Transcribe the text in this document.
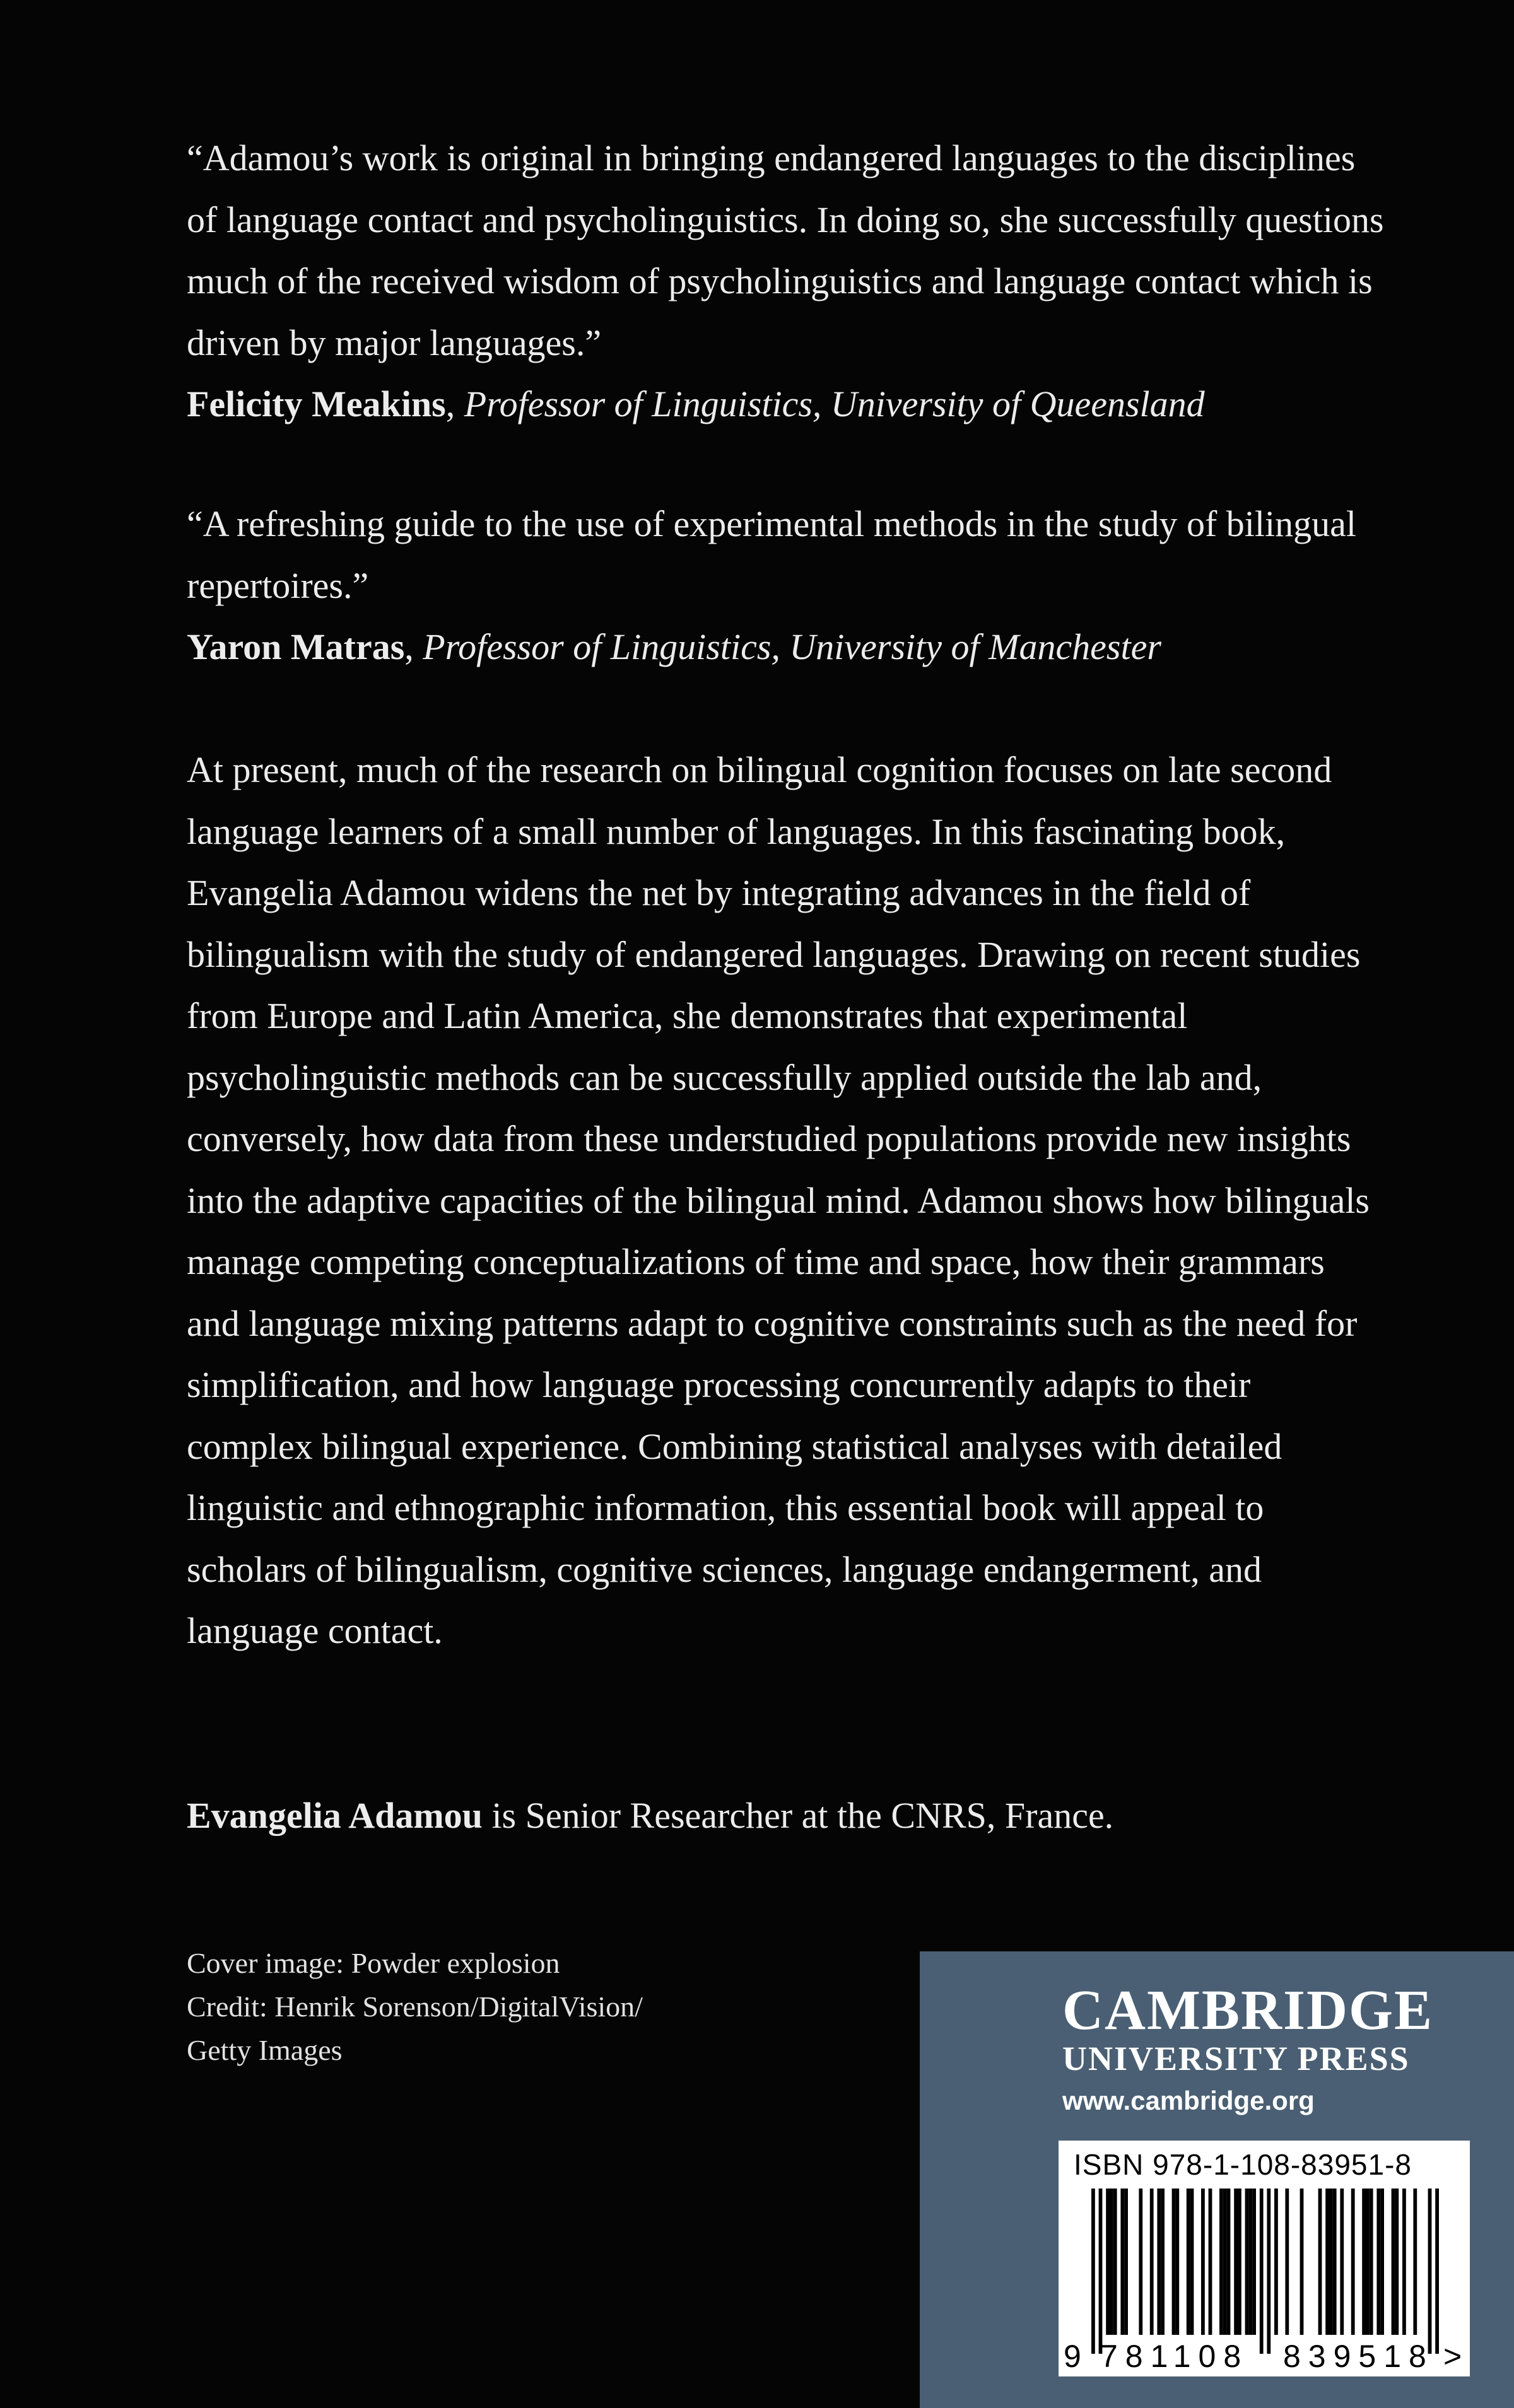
“Adamou’s work is original in bringing endangered languages to the disciplines of language contact and psycholinguistics. In doing so, she successfully questions much of the received wisdom of psycholinguistics and language contact which is driven by major languages.”

Felicity Meakins, Professor of Linguistics, University of Queensland

“A refreshing guide to the use of experimental methods in the study of bilingual repertoires.”

Yaron Matras, Professor of Linguistics, University of Manchester

At present, much of the research on bilingual cognition focuses on late second language learners of a small number of languages. In this fascinating book, Evangelia Adamou widens the net by integrating advances in the field of bilingualism with the study of endangered languages. Drawing on recent studies from Europe and Latin America, she demonstrates that experimental psycholinguistic methods can be successfully applied outside the lab and, conversely, how data from these understudied populations provide new insights into the adaptive capacities of the bilingual mind. Adamou shows how bilinguals manage competing conceptualizations of time and space, how their grammars and language mixing patterns adapt to cognitive constraints such as the need for simplification, and how language processing concurrently adapts to their complex bilingual experience. Combining statistical analyses with detailed linguistic and ethnographic information, this essential book will appeal to scholars of bilingualism, cognitive sciences, language endangerment, and language contact.

Evangelia Adamou is Senior Researcher at the CNRS, France.

Cover image: Powder explosion
Credit: Henrik Sorenson/DigitalVision/
Getty Images
CAMBRIDGE
UNIVERSITY PRESS
www.cambridge.org
ISBN 978-1-108-83951-8
9 781108 839518 >
